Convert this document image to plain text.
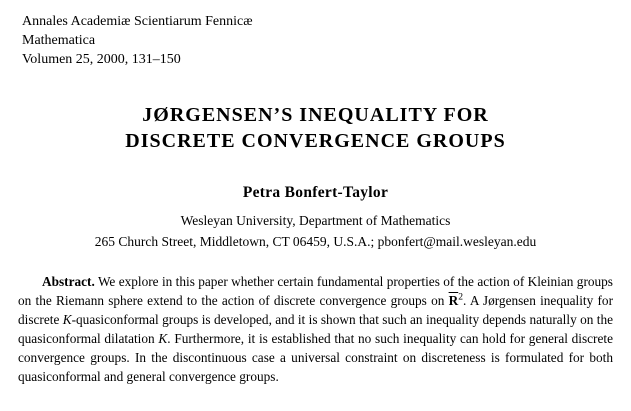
Annales Academiæ Scientiarum Fennicæ
Mathematica
Volumen 25, 2000, 131–150
JØRGENSEN’S INEQUALITY FOR
DISCRETE CONVERGENCE GROUPS
Petra Bonfert-Taylor
Wesleyan University, Department of Mathematics
265 Church Street, Middletown, CT 06459, U.S.A.; pbonfert@mail.wesleyan.edu

Abstract. We explore in this paper whether certain fundamental properties of the action of Kleinian groups on the Riemann sphere extend to the action of discrete convergence groups on $\overline{R}^2$. A Jørgensen inequality for discrete K-quasiconformal groups is developed, and it is shown that such an inequality depends naturally on the quasiconformal dilatation K. Furthermore, it is established that no such inequality can hold for general discrete convergence groups. In the discontinuous case a universal constraint on discreteness is formulated for both quasiconformal and general convergence groups.
